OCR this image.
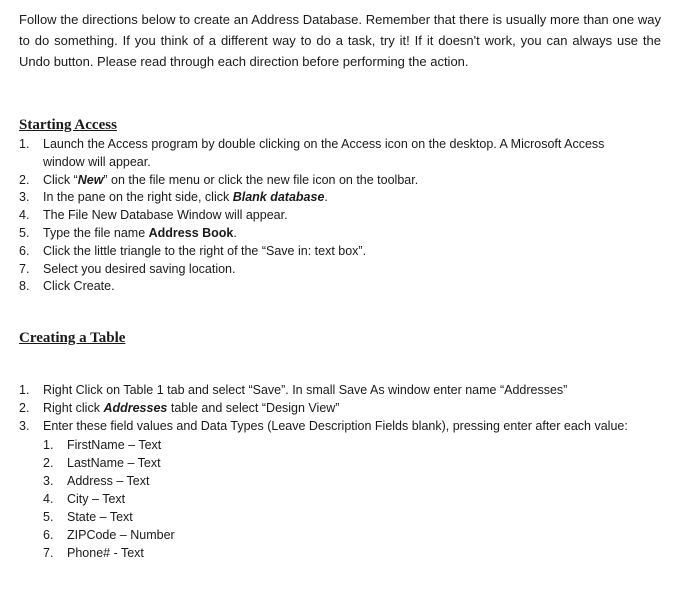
Follow the directions below to create an Address Database. Remember that there is usually more than one way to do something. If you think of a different way to do a task, try it! If it doesn't work, you can always use the Undo button. Please read through each direction before performing the action.

Starting Access
1. Launch the Access program by double clicking on the Access icon on the desktop. A Microsoft Access window will appear.
2. Click “New” on the file menu or click the new file icon on the toolbar.
3. In the pane on the right side, click Blank database.
4. The File New Database Window will appear.
5. Type the file name Address Book.
6. Click the little triangle to the right of the “Save in: text box”.
7. Select you desired saving location.
8. Click Create.
Creating a Table
1. Right Click on Table 1 tab and select “Save”. In small Save As window enter name “Addresses”
2. Right click Addresses table and select “Design View”
3. Enter these field values and Data Types (Leave Description Fields blank), pressing enter after each value:
1. FirstName – Text
2. LastName – Text
3. Address – Text
4. City – Text
5. State – Text
6. ZIPCode – Number
7. Phone# - Text
